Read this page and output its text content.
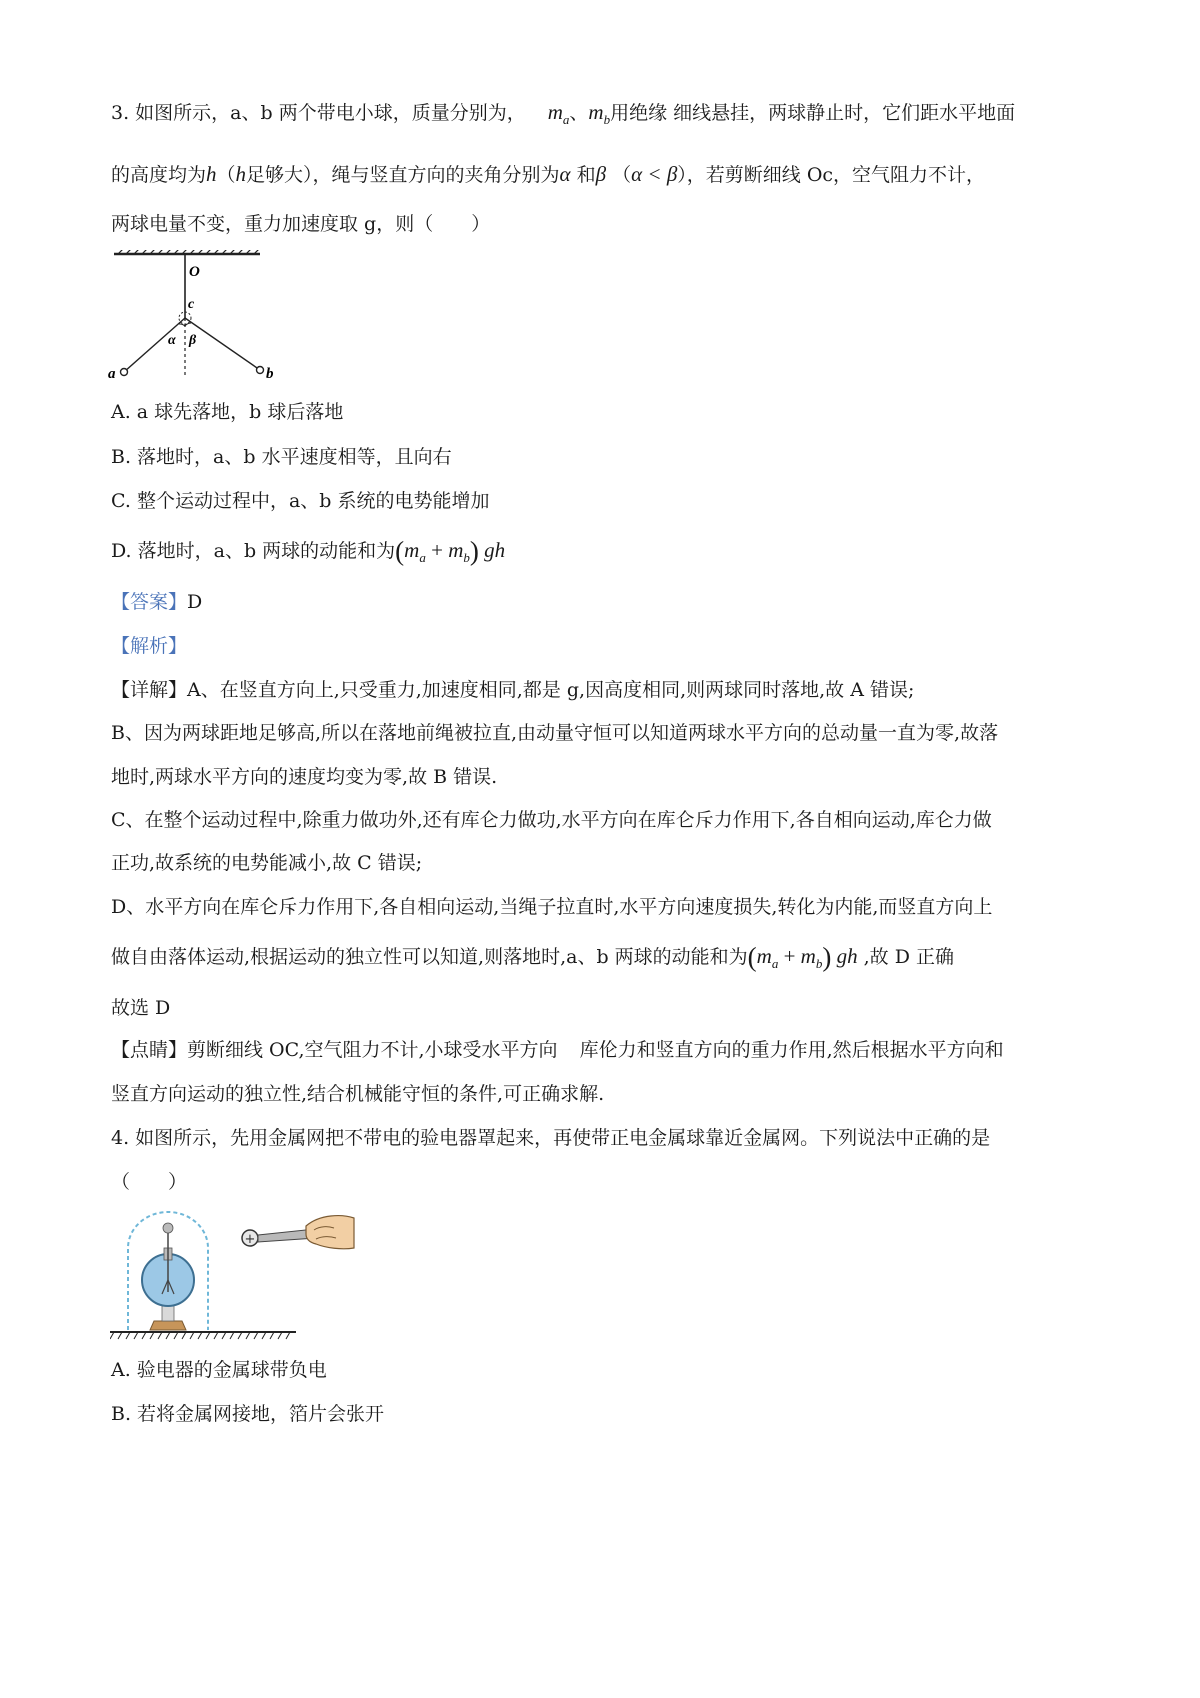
3. 如图所示，a、b 两个带电小球，质量分别为， $m_a$、$m_b$用绝缘 细线悬挂，两球静止时，它们距水平地面
的高度均为h（h足够大），绳与竖直方向的夹角分别为α 和β （α < β），若剪断细线 Oc，空气阻力不计，
两球电量不变，重力加速度取 g，则（　　）
O
c
α β
a	b
A. a 球先落地，b 球后落地
B. 落地时，a、b 水平速度相等，且向右
C. 整个运动过程中，a、b 系统的电势能增加
D. 落地时，a、b 两球的动能和为$(m_a + m_b)$ gh
【答案】D
【解析】
【详解】A、在竖直方向上,只受重力,加速度相同,都是 g,因高度相同,则两球同时落地,故 A 错误;
B、因为两球距地足够高,所以在落地前绳被拉直,由动量守恒可以知道两球水平方向的总动量一直为零,故落
地时,两球水平方向的速度均变为零,故 B 错误.
C、在整个运动过程中,除重力做功外,还有库仑力做功,水平方向在库仑斥力作用下,各自相向运动,库仑力做
正功,故系统的电势能减小,故 C 错误;
D、水平方向在库仑斥力作用下,各自相向运动,当绳子拉直时,水平方向速度损失,转化为内能,而竖直方向上
做自由落体运动,根据运动的独立性可以知道,则落地时,a、b 两球的动能和为$(m_a + m_b)$ gh ,故 D 正确
故选 D
【点睛】剪断细线 OC,空气阻力不计,小球受水平方向 库伦力和竖直方向的重力作用,然后根据水平方向和
竖直方向运动的独立性,结合机械能守恒的条件,可正确求解.
4. 如图所示，先用金属网把不带电的验电器罩起来，再使带正电金属球靠近金属网。下列说法中正确的是
（　　）
+
A. 验电器的金属球带负电
B. 若将金属网接地，箔片会张开
